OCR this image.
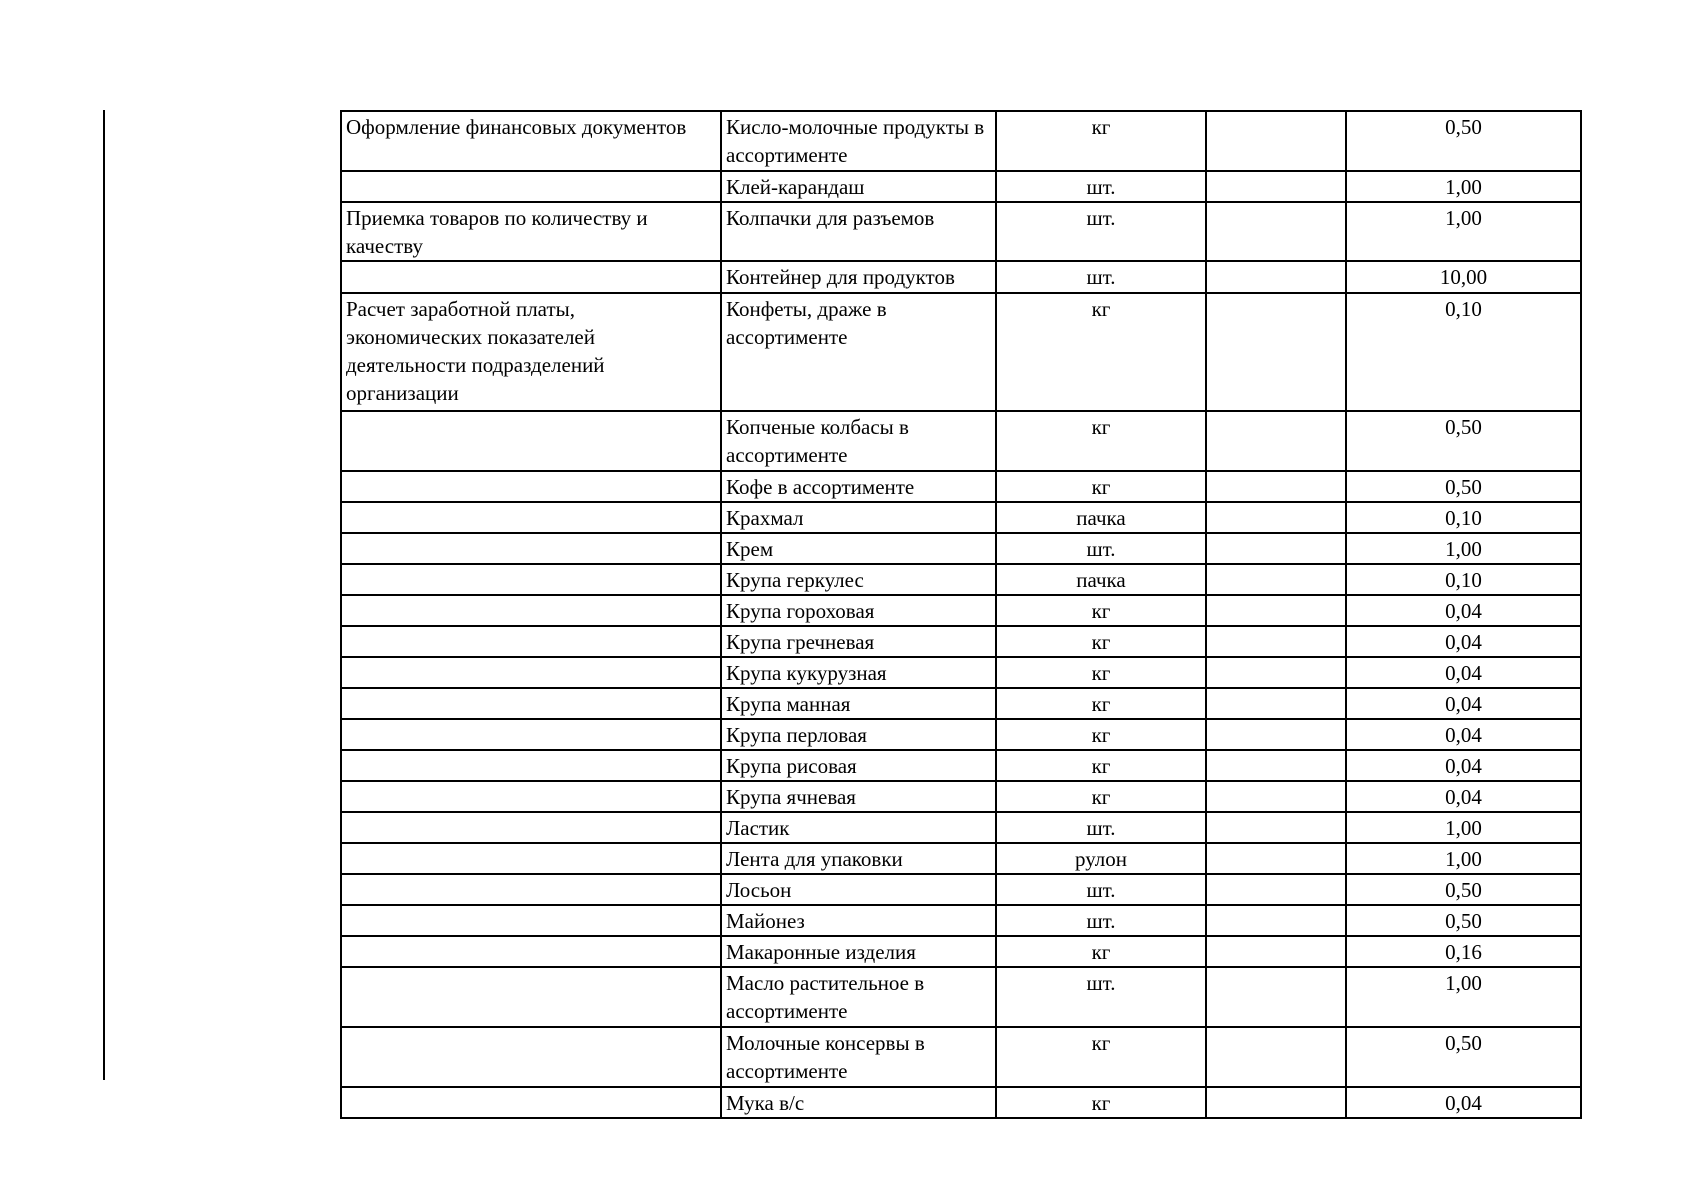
Оформление финансовых документов	Кисло-молочные продукты в ассортименте	кг		0,50
	Клей-карандаш	шт.		1,00
Приемка товаров по количеству и качеству	Колпачки для разъемов	шт.		1,00
	Контейнер для продуктов	шт.		10,00
Расчет заработной платы, экономических показателей деятельности подразделений организации	Конфеты, драже в ассортименте	кг		0,10
	Копченые колбасы в ассортименте	кг		0,50
	Кофе в ассортименте	кг		0,50
	Крахмал	пачка		0,10
	Крем	шт.		1,00
	Крупа геркулес	пачка		0,10
	Крупа гороховая	кг		0,04
	Крупа гречневая	кг		0,04
	Крупа кукурузная	кг		0,04
	Крупа манная	кг		0,04
	Крупа перловая	кг		0,04
	Крупа рисовая	кг		0,04
	Крупа ячневая	кг		0,04
	Ластик	шт.		1,00
	Лента для упаковки	рулон		1,00
	Лосьон	шт.		0,50
	Майонез	шт.		0,50
	Макаронные изделия	кг		0,16
	Масло растительное в ассортименте	шт.		1,00
	Молочные консервы в ассортименте	кг		0,50
	Мука в/с	кг		0,04
